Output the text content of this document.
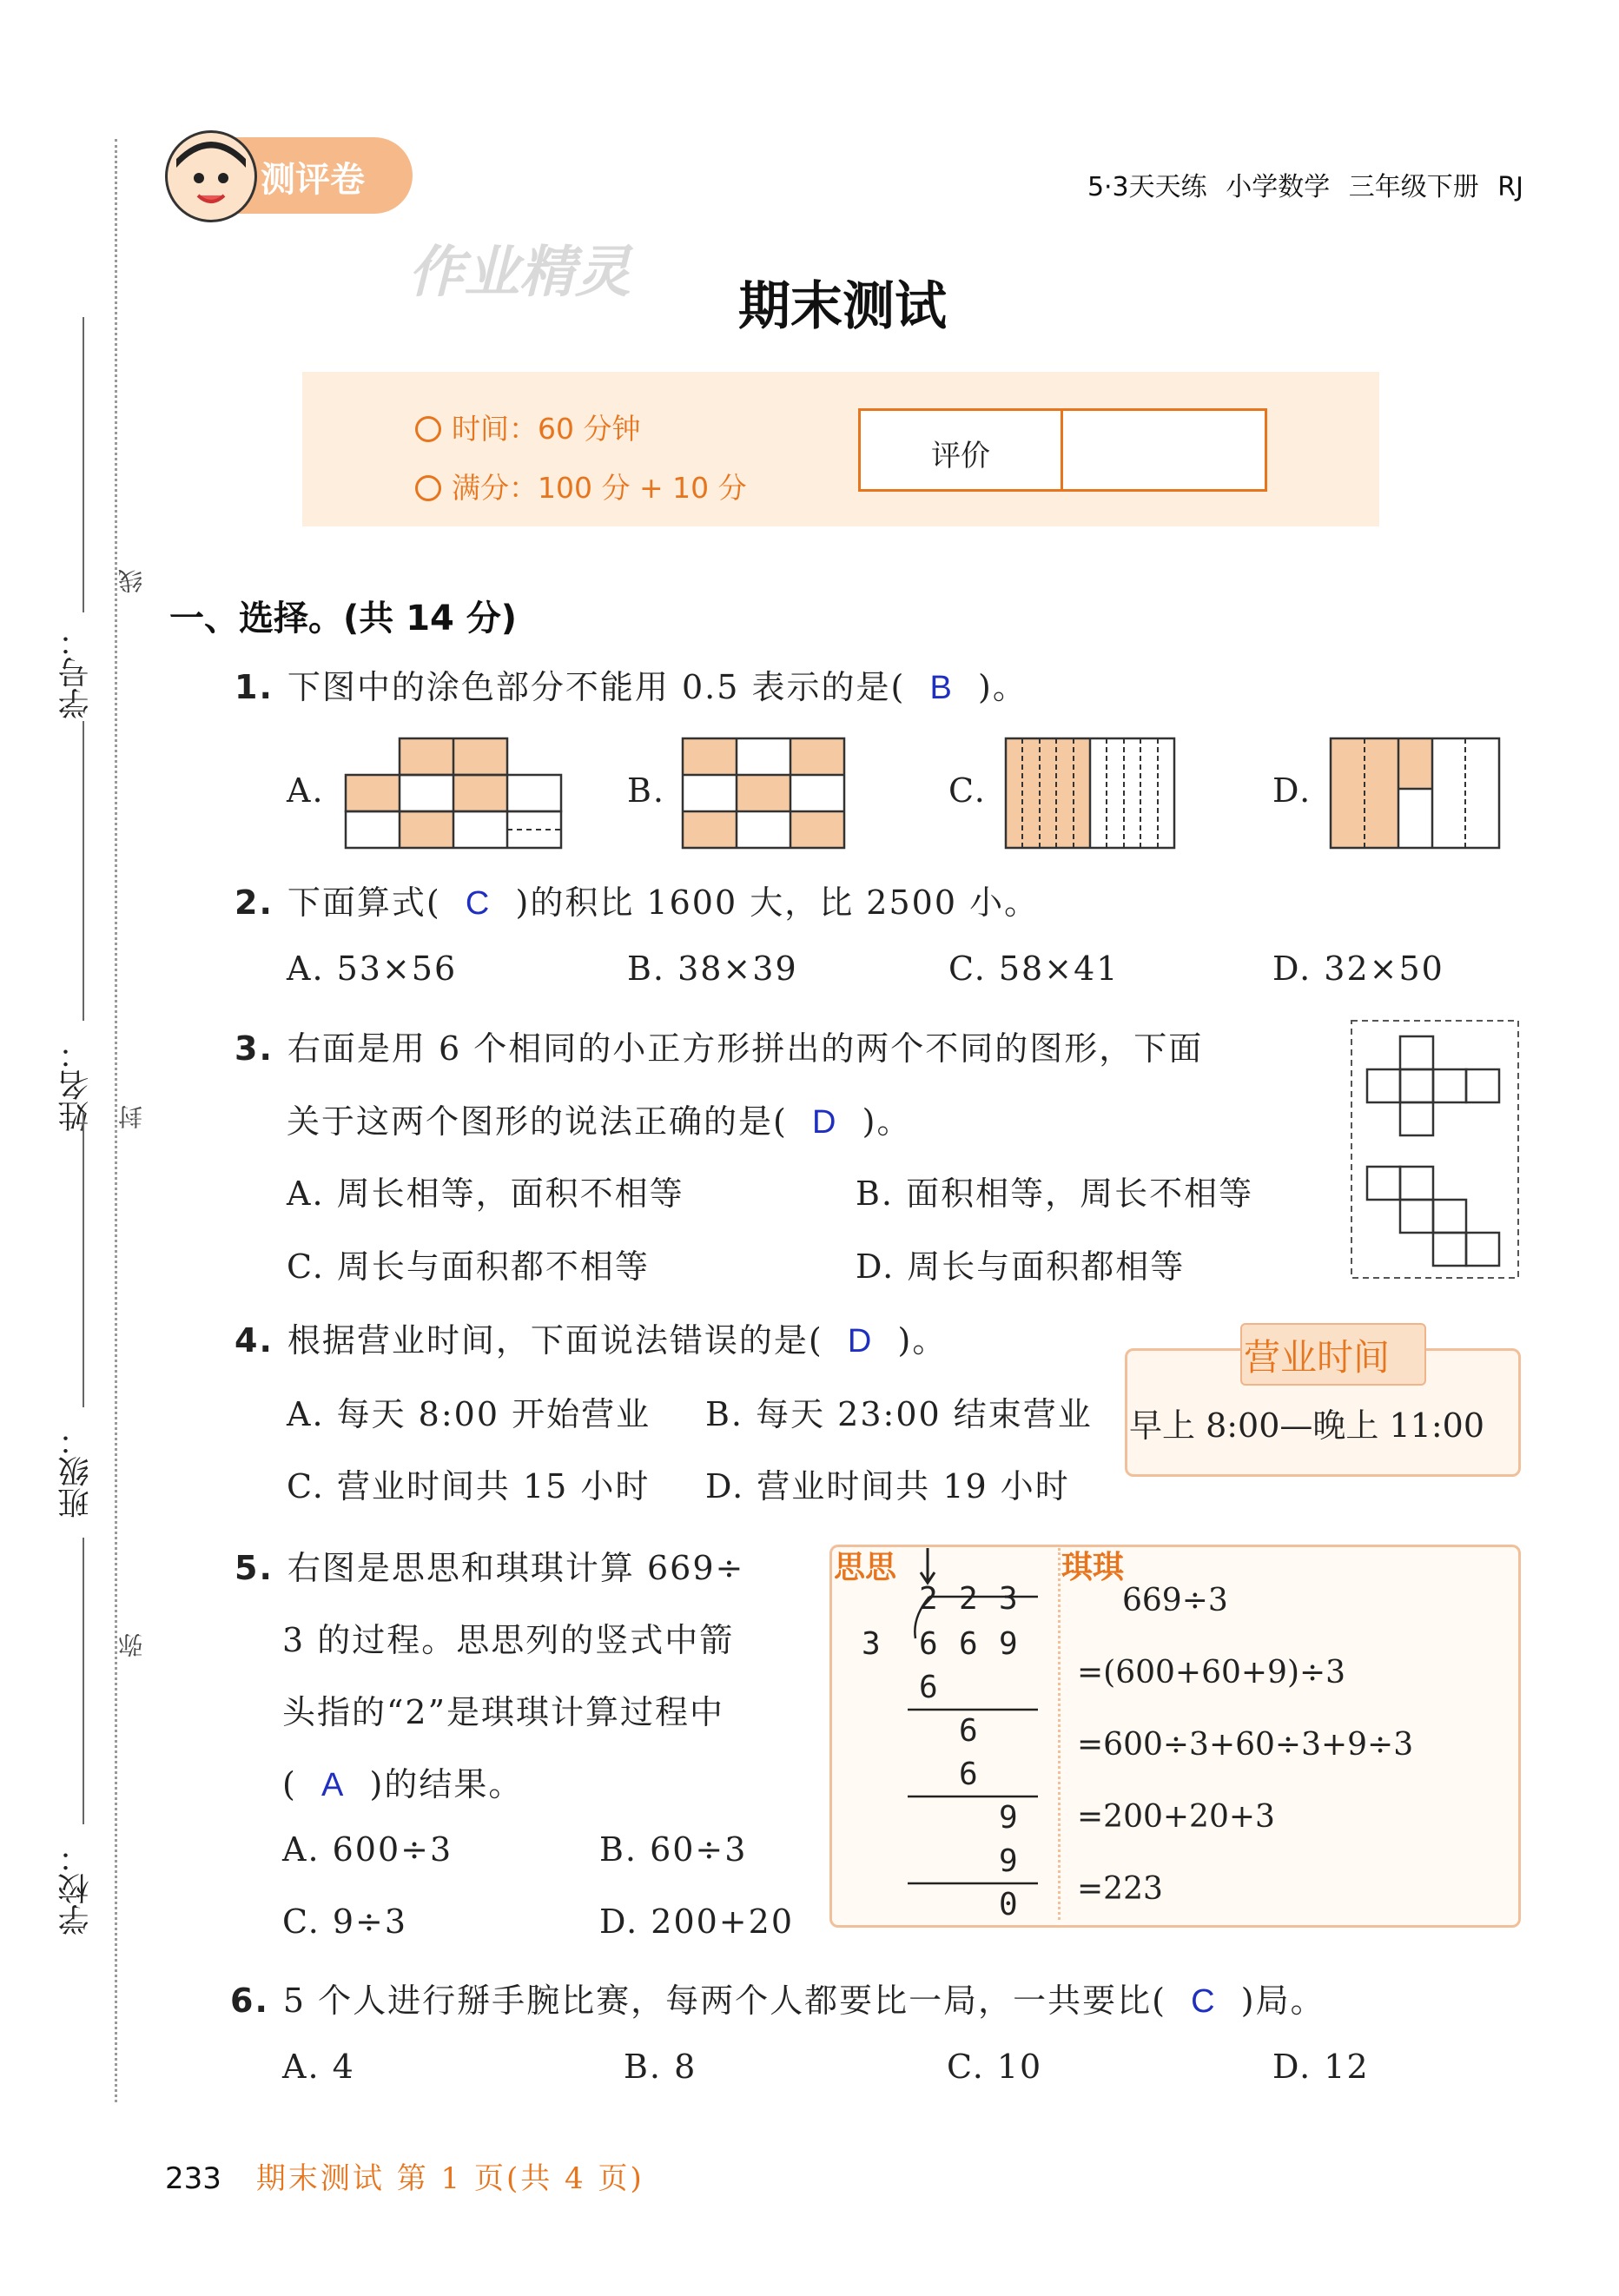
学号：
姓名：
班级：
学校：
线
封
弥
测评卷	5·3天天练 小学数学 三年级下册 RJ
作业精灵
期末测试
时间：60 分钟
满分：100 分 + 10 分
评价
一、选择。(共 14 分)
1. 下图中的涂色部分不能用 0.5 表示的是( B )。
A.	B.	C.	D.
2. 下面算式( C )的积比 1600 大，比 2500 小。
A. 53×56	B. 38×39	C. 58×41	D. 32×50
3. 右面是用 6 个相同的小正方形拼出的两个不同的图形，下面
关于这两个图形的说法正确的是( D )。
A. 周长相等，面积不相等	B. 面积相等，周长不相等
C. 周长与面积都不相等	D. 周长与面积都相等
4. 根据营业时间，下面说法错误的是( D )。
A. 每天 8:00 开始营业 B. 每天 23:00 结束营业
C. 营业时间共 15 小时 D. 营业时间共 19 小时
营业时间
早上 8:00—晚上 11:00
5. 右图是思思和琪琪计算 669÷
3 的过程。思思列的竖式中箭
头指的“2”是琪琪计算过程中
( A )的结果。
A. 600÷3	B. 60÷3
C. 9÷3	D. 200+20
思思	琪琪
2 2 3
3 6 6 9
6
6
6
9
9
0
669÷3
=(600+60+9)÷3
=600÷3+60÷3+9÷3
=200+20+3
=223
6. 5 个人进行掰手腕比赛，每两个人都要比一局，一共要比( C )局。
A. 4	B. 8	C. 10	D. 12
233 期末测试 第 1 页(共 4 页)
